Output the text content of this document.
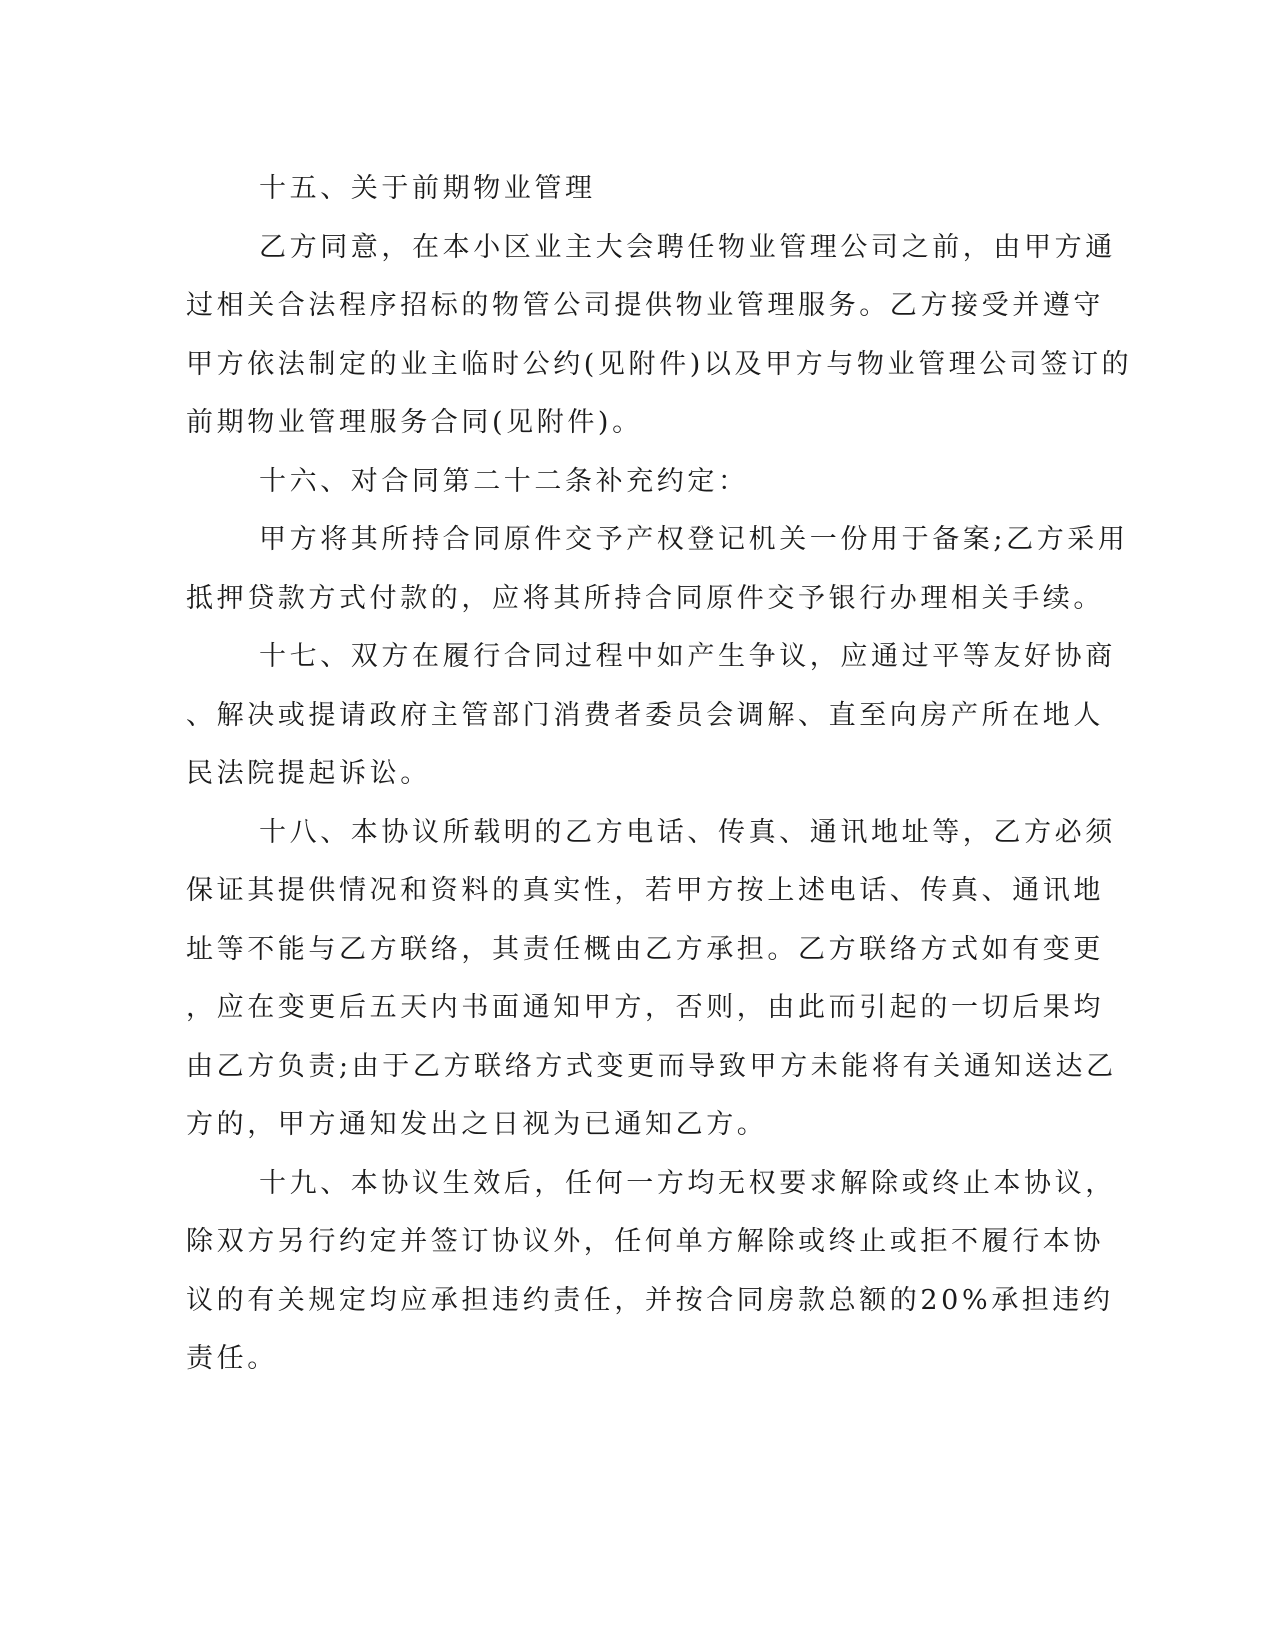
十五、关于前期物业管理
乙方同意，在本小区业主大会聘任物业管理公司之前，由甲方通
过相关合法程序招标的物管公司提供物业管理服务。乙方接受并遵守
甲方依法制定的业主临时公约(见附件)以及甲方与物业管理公司签订的
前期物业管理服务合同(见附件)。
十六、对合同第二十二条补充约定：
甲方将其所持合同原件交予产权登记机关一份用于备案;乙方采用
抵押贷款方式付款的，应将其所持合同原件交予银行办理相关手续。
十七、双方在履行合同过程中如产生争议，应通过平等友好协商
、解决或提请政府主管部门消费者委员会调解、直至向房产所在地人
民法院提起诉讼。
十八、本协议所载明的乙方电话、传真、通讯地址等，乙方必须
保证其提供情况和资料的真实性，若甲方按上述电话、传真、通讯地
址等不能与乙方联络，其责任概由乙方承担。乙方联络方式如有变更
，应在变更后五天内书面通知甲方，否则，由此而引起的一切后果均
由乙方负责;由于乙方联络方式变更而导致甲方未能将有关通知送达乙
方的，甲方通知发出之日视为已通知乙方。
十九、本协议生效后，任何一方均无权要求解除或终止本协议，
除双方另行约定并签订协议外，任何单方解除或终止或拒不履行本协
议的有关规定均应承担违约责任，并按合同房款总额的20%承担违约
责任。
